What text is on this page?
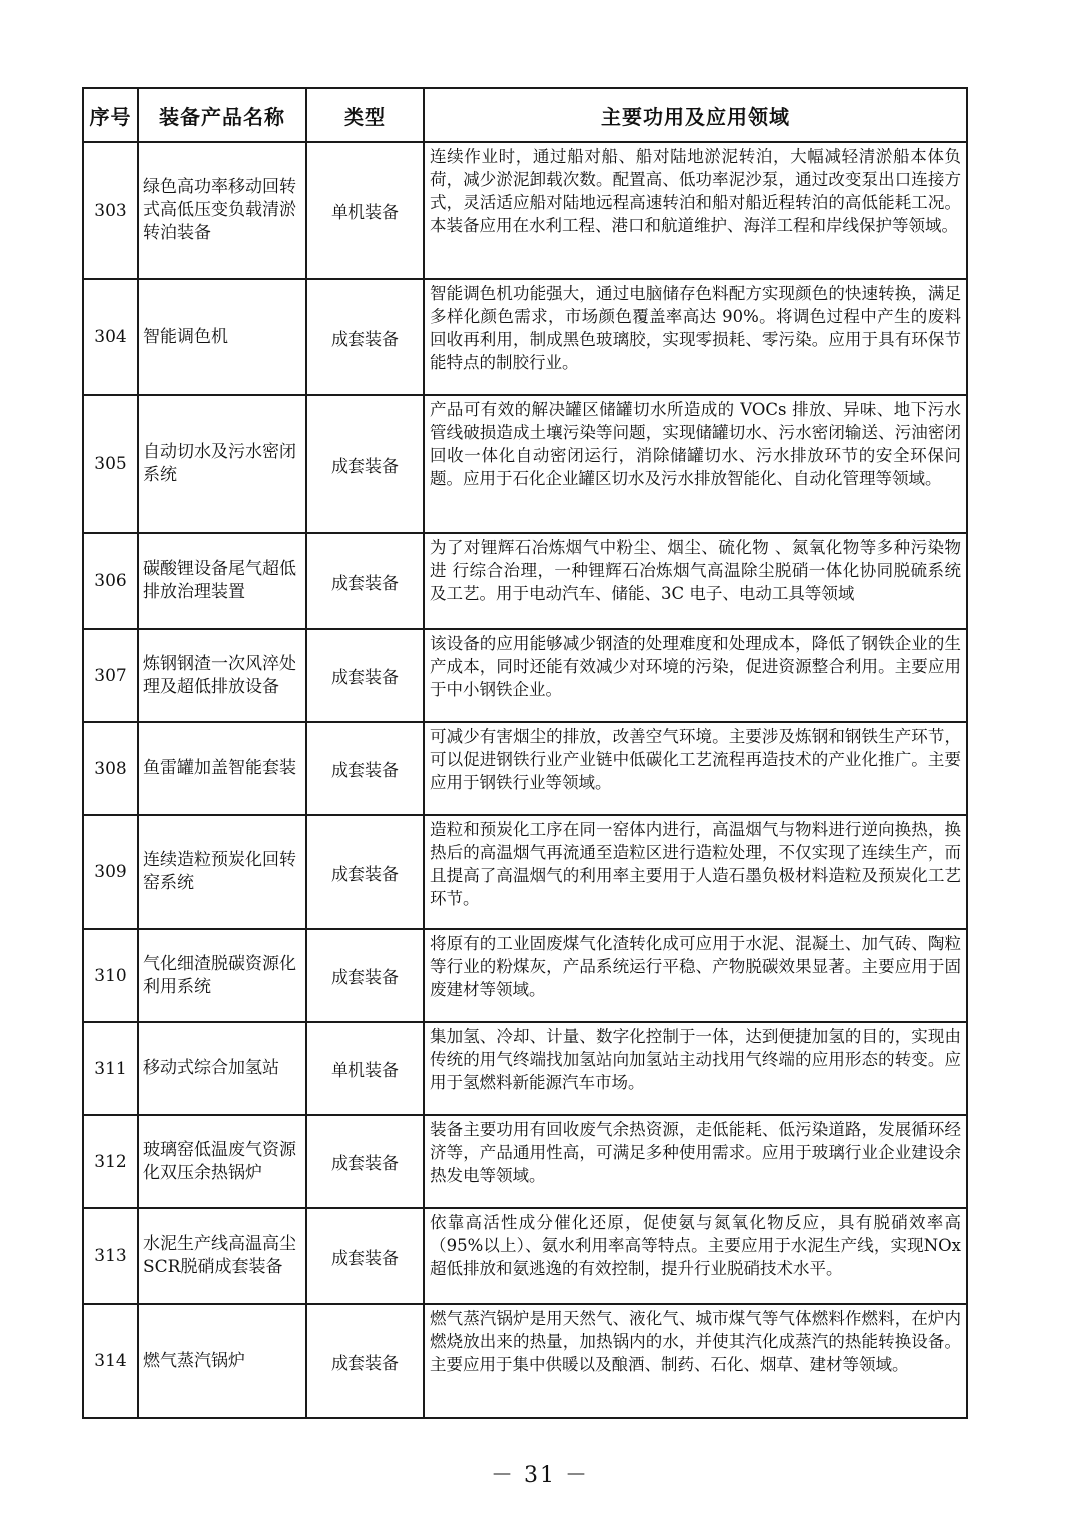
序号	装备产品名称	类型	主要功用及应用领域
303	绿色高功率移动回转式高低压变负载清淤转泊装备	单机装备	连续作业时，通过船对船、船对陆地淤泥转泊，大幅减轻清淤船本体负荷，减少淤泥卸载次数。配置高、低功率泥沙泵，通过改变泵出口连接方式，灵活适应船对陆地远程高速转泊和船对船近程转泊的高低能耗工况。本装备应用在水利工程、港口和航道维护、海洋工程和岸线保护等领域。
304	智能调色机	成套装备	智能调色机功能强大，通过电脑储存色料配方实现颜色的快速转换，满足多样化颜色需求，市场颜色覆盖率高达 90%。将调色过程中产生的废料回收再利用，制成黑色玻璃胶，实现零损耗、零污染。应用于具有环保节能特点的制胶行业。
305	自动切水及污水密闭系统	成套装备	产品可有效的解决罐区储罐切水所造成的 VOCs 排放、异味、地下污水管线破损造成土壤污染等问题，实现储罐切水、污水密闭输送、污油密闭回收一体化自动密闭运行，消除储罐切水、污水排放环节的安全环保问题。应用于石化企业罐区切水及污水排放智能化、自动化管理等领域。
306	碳酸锂设备尾气超低排放治理装置	成套装备	为了对锂辉石冶炼烟气中粉尘、烟尘、硫化物 、氮氧化物等多种污染物进 行综合治理，一种锂辉石冶炼烟气高温除尘脱硝一体化协同脱硫系统及工艺。用于电动汽车、储能、3C 电子、电动工具等领域
307	炼钢钢渣一次风淬处理及超低排放设备	成套装备	该设备的应用能够减少钢渣的处理难度和处理成本，降低了钢铁企业的生产成本，同时还能有效减少对环境的污染，促进资源整合利用。主要应用于中小钢铁企业。
308	鱼雷罐加盖智能套装	成套装备	可减少有害烟尘的排放，改善空气环境。主要涉及炼钢和钢铁生产环节，可以促进钢铁行业产业链中低碳化工艺流程再造技术的产业化推广。主要应用于钢铁行业等领域。
309	连续造粒预炭化回转窑系统	成套装备	造粒和预炭化工序在同一窑体内进行，高温烟气与物料进行逆向换热，换热后的高温烟气再流通至造粒区进行造粒处理，不仅实现了连续生产，而且提高了高温烟气的利用率主要用于人造石墨负极材料造粒及预炭化工艺环节。
310	气化细渣脱碳资源化利用系统	成套装备	将原有的工业固废煤气化渣转化成可应用于水泥、混凝土、加气砖、陶粒等行业的粉煤灰，产品系统运行平稳、产物脱碳效果显著。主要应用于固废建材等领域。
311	移动式综合加氢站	单机装备	集加氢、冷却、计量、数字化控制于一体，达到便捷加氢的目的，实现由传统的用气终端找加氢站向加氢站主动找用气终端的应用形态的转变。应用于氢燃料新能源汽车市场。
312	玻璃窑低温废气资源化双压余热锅炉	成套装备	装备主要功用有回收废气余热资源，走低能耗、低污染道路，发展循环经济等，产品通用性高，可满足多种使用需求。应用于玻璃行业企业建设余热发电等领域。
313	水泥生产线高温高尘SCR脱硝成套装备	成套装备	依靠高活性成分催化还原，促使氨与氮氧化物反应，具有脱硝效率高（95%以上）、氨水利用率高等特点。主要应用于水泥生产线，实现NOx超低排放和氨逃逸的有效控制，提升行业脱硝技术水平。
314	燃气蒸汽锅炉	成套装备	燃气蒸汽锅炉是用天然气、液化气、城市煤气等气体燃料作燃料，在炉内燃烧放出来的热量，加热锅内的水，并使其汽化成蒸汽的热能转换设备。主要应用于集中供暖以及酿酒、制药、石化、烟草、建材等领域。
－ 31 －
